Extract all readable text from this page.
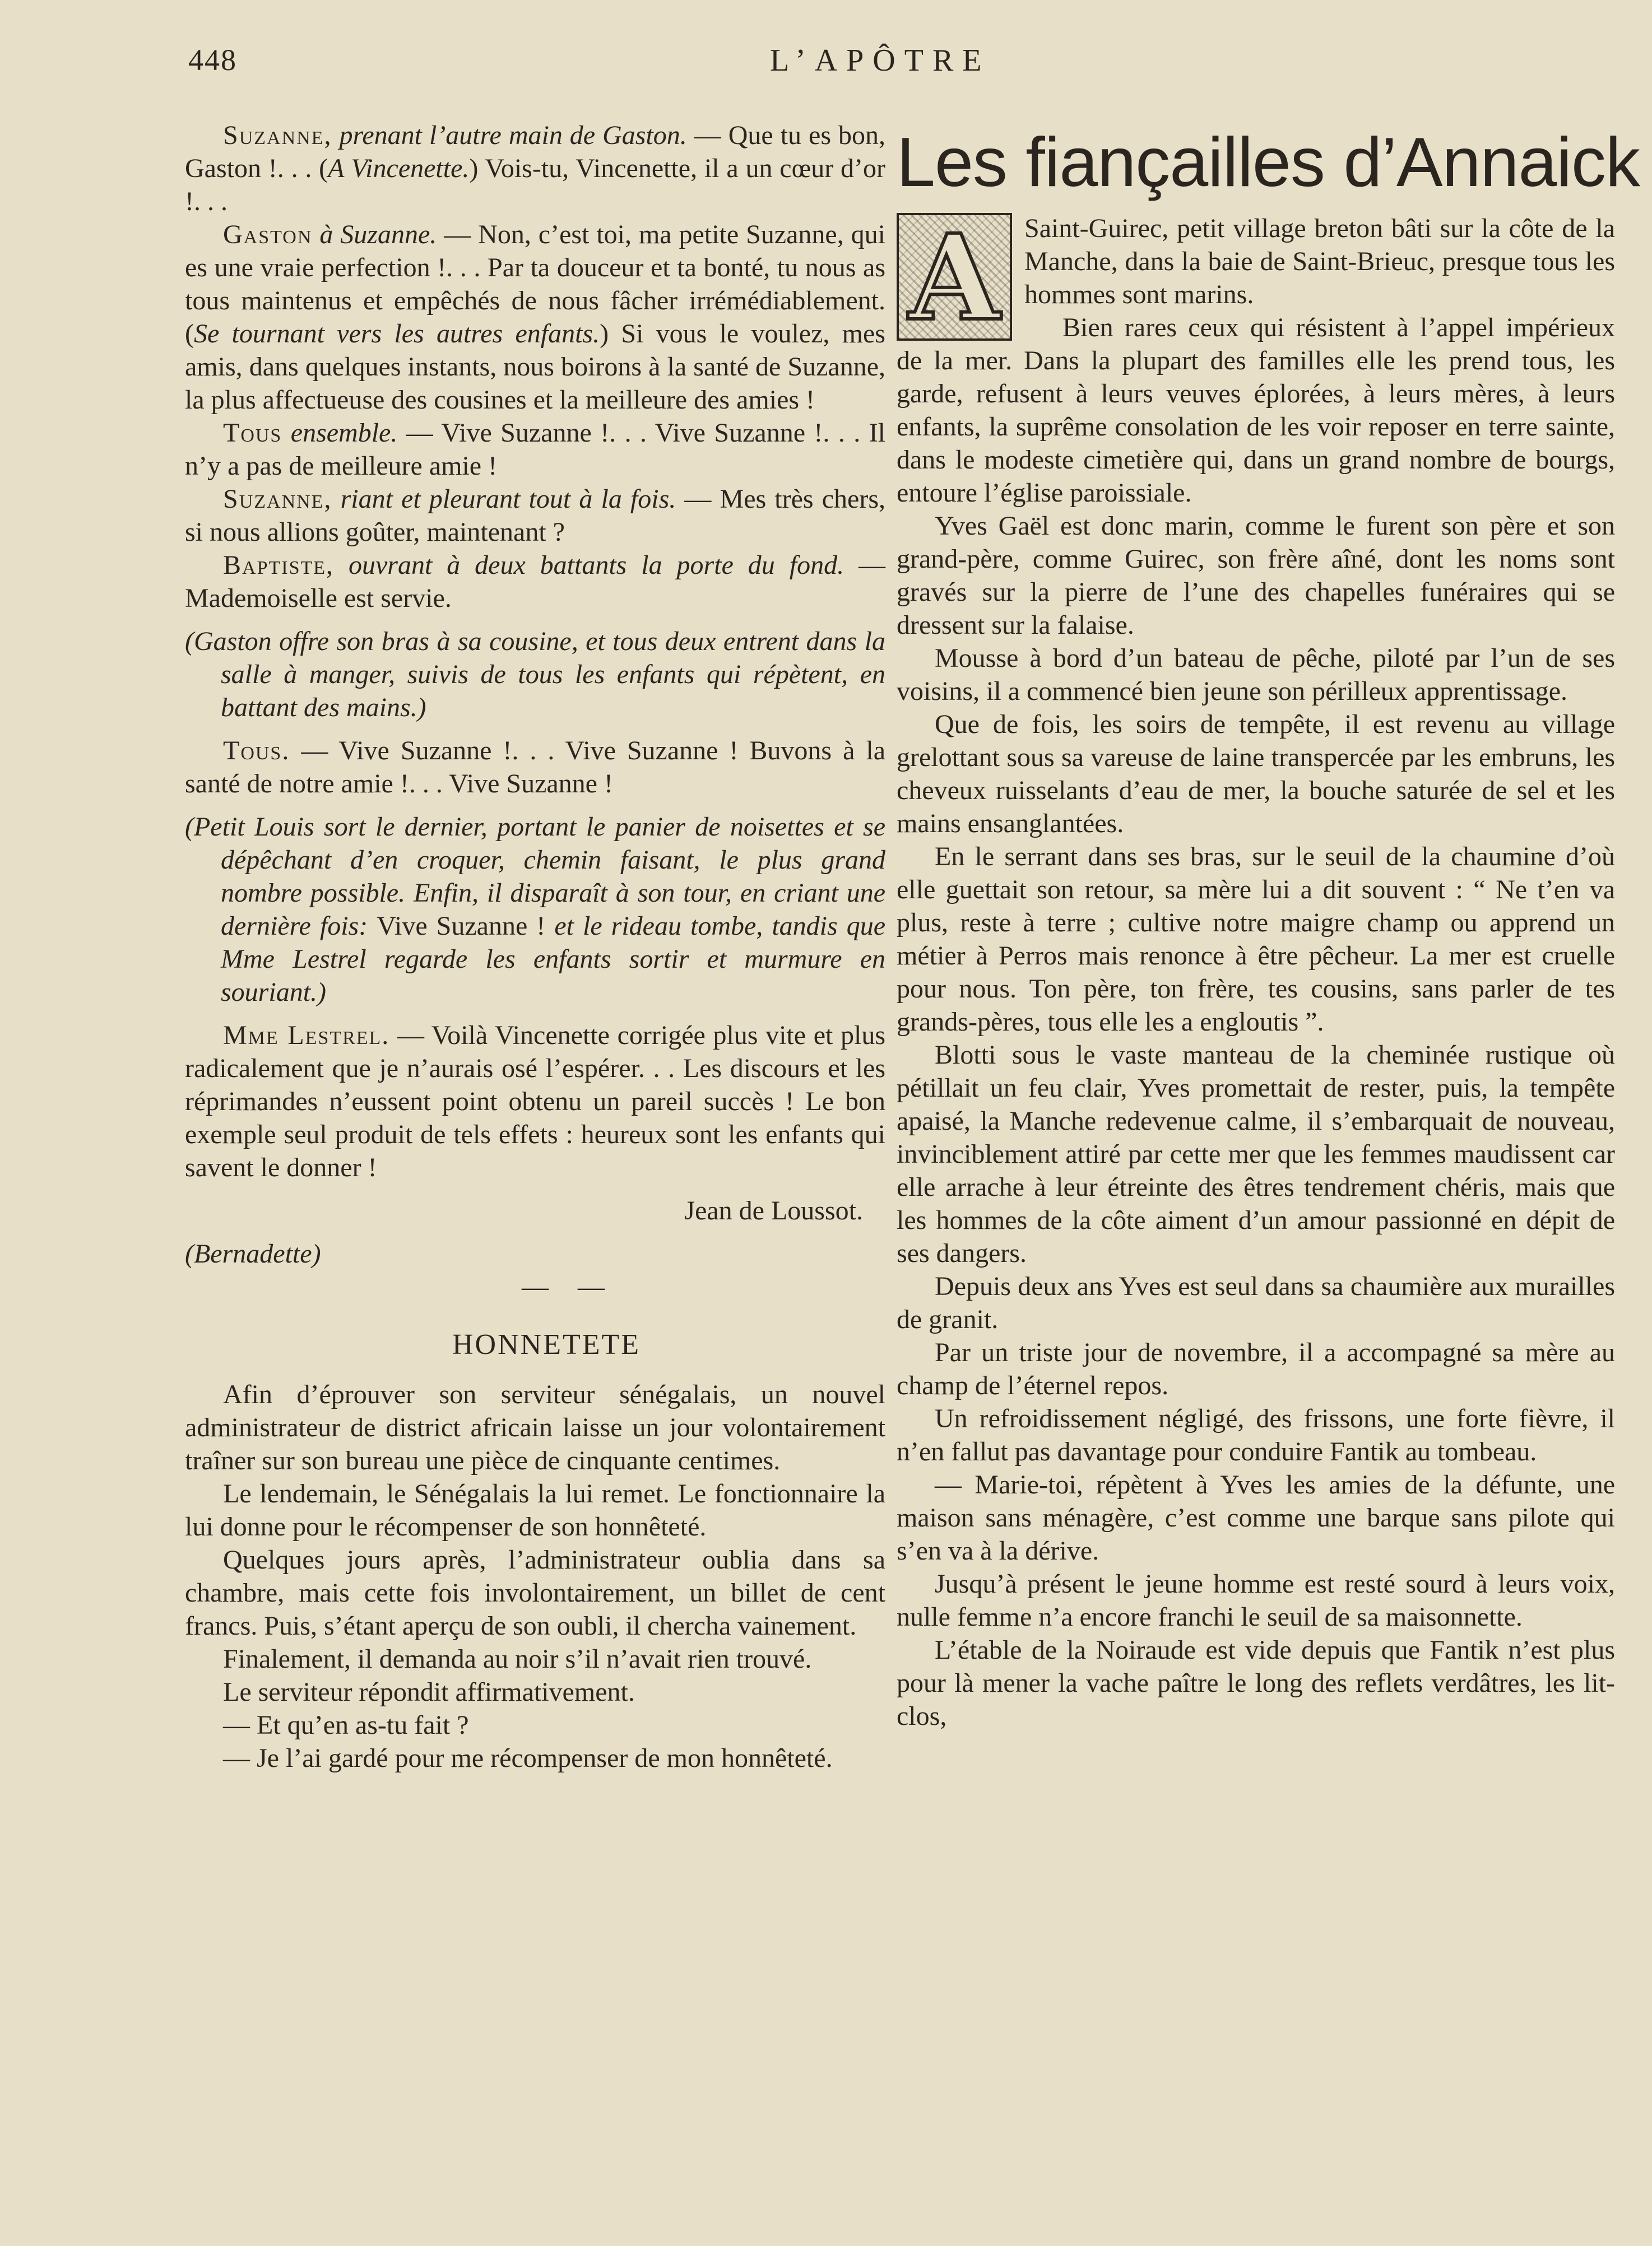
448	L’APÔTRE

Suzanne, prenant l’autre main de Gaston. — Que tu es bon, Gaston !. . . (A Vincenette.) Vois-tu, Vincenette, il a un cœur d’or !. . .

Gaston à Suzanne. — Non, c’est toi, ma petite Suzanne, qui es une vraie perfection !. . . Par ta douceur et ta bonté, tu nous as tous maintenus et empêchés de nous fâcher irrémédiablement. (Se tournant vers les autres enfants.) Si vous le voulez, mes amis, dans quelques instants, nous boirons à la santé de Suzanne, la plus affectueuse des cousines et la meilleure des amies !

Tous ensemble. — Vive Suzanne !. . . Vive Suzanne !. . . Il n’y a pas de meilleure amie !

Suzanne, riant et pleurant tout à la fois. — Mes très chers, si nous allions goûter, maintenant ?

Baptiste, ouvrant à deux battants la porte du fond. — Mademoiselle est servie.

(Gaston offre son bras à sa cousine, et tous deux entrent dans la salle à manger, suivis de tous les enfants qui répètent, en battant des mains.)

Tous. — Vive Suzanne !. . . Vive Suzanne ! Buvons à la santé de notre amie !. . . Vive Suzanne !

(Petit Louis sort le dernier, portant le panier de noisettes et se dépêchant d’en croquer, chemin faisant, le plus grand nombre possible. Enfin, il disparaît à son tour, en criant une dernière fois: Vive Suzanne ! et le rideau tombe, tandis que Mme Lestrel regarde les enfants sortir et murmure en souriant.)

Mme Lestrel. — Voilà Vincenette corrigée plus vite et plus radicalement que je n’aurais osé l’espérer. . . Les discours et les réprimandes n’eussent point obtenu un pareil succès ! Le bon exemple seul produit de tels effets : heureux sont les enfants qui savent le donner !

Jean de Loussot.

(Bernadette)

— —

HONNETETE

Afin d’éprouver son serviteur sénégalais, un nouvel administrateur de district africain laisse un jour volontairement traîner sur son bureau une pièce de cinquante centimes.

Le lendemain, le Sénégalais la lui remet. Le fonctionnaire la lui donne pour le récompenser de son honnêteté.

Quelques jours après, l’administrateur oublia dans sa chambre, mais cette fois involontairement, un billet de cent francs. Puis, s’étant aperçu de son oubli, il chercha vainement.

Finalement, il demanda au noir s’il n’avait rien trouvé.

Le serviteur répondit affirmativement.

— Et qu’en as-tu fait ?

— Je l’ai gardé pour me récompenser de mon honnêteté.

Les fiançailles d’Annaick

A Saint-Guirec, petit village breton bâti sur la côte de la Manche, dans la baie de Saint-Brieuc, presque tous les hommes sont marins.

Bien rares ceux qui résistent à l’appel impérieux de la mer. Dans la plupart des familles elle les prend tous, les garde, refusent à leurs veuves éplorées, à leurs mères, à leurs enfants, la suprême consolation de les voir reposer en terre sainte, dans le modeste cimetière qui, dans un grand nombre de bourgs, entoure l’église paroissiale.

Yves Gaël est donc marin, comme le furent son père et son grand-père, comme Guirec, son frère aîné, dont les noms sont gravés sur la pierre de l’une des chapelles funéraires qui se dressent sur la falaise.

Mousse à bord d’un bateau de pêche, piloté par l’un de ses voisins, il a commencé bien jeune son périlleux apprentissage.

Que de fois, les soirs de tempête, il est revenu au village grelottant sous sa vareuse de laine transpercée par les embruns, les cheveux ruisselants d’eau de mer, la bouche saturée de sel et les mains ensanglantées.

En le serrant dans ses bras, sur le seuil de la chaumine d’où elle guettait son retour, sa mère lui a dit souvent : “ Ne t’en va plus, reste à terre ; cultive notre maigre champ ou apprend un métier à Perros mais renonce à être pêcheur. La mer est cruelle pour nous. Ton père, ton frère, tes cousins, sans parler de tes grands-pères, tous elle les a engloutis ”.

Blotti sous le vaste manteau de la cheminée rustique où pétillait un feu clair, Yves promettait de rester, puis, la tempête apaisé, la Manche redevenue calme, il s’embarquait de nouveau, invinciblement attiré par cette mer que les femmes maudissent car elle arrache à leur étreinte des êtres tendrement chéris, mais que les hommes de la côte aiment d’un amour passionné en dépit de ses dangers.

Depuis deux ans Yves est seul dans sa chaumière aux murailles de granit.

Par un triste jour de novembre, il a accompagné sa mère au champ de l’éternel repos.

Un refroidissement négligé, des frissons, une forte fièvre, il n’en fallut pas davantage pour conduire Fantik au tombeau.

— Marie-toi, répètent à Yves les amies de la défunte, une maison sans ménagère, c’est comme une barque sans pilote qui s’en va à la dérive.

Jusqu’à présent le jeune homme est resté sourd à leurs voix, nulle femme n’a encore franchi le seuil de sa maisonnette.

L’étable de la Noiraude est vide depuis que Fantik n’est plus pour là mener la vache paître le long des reflets verdâtres, les lit-clos,
